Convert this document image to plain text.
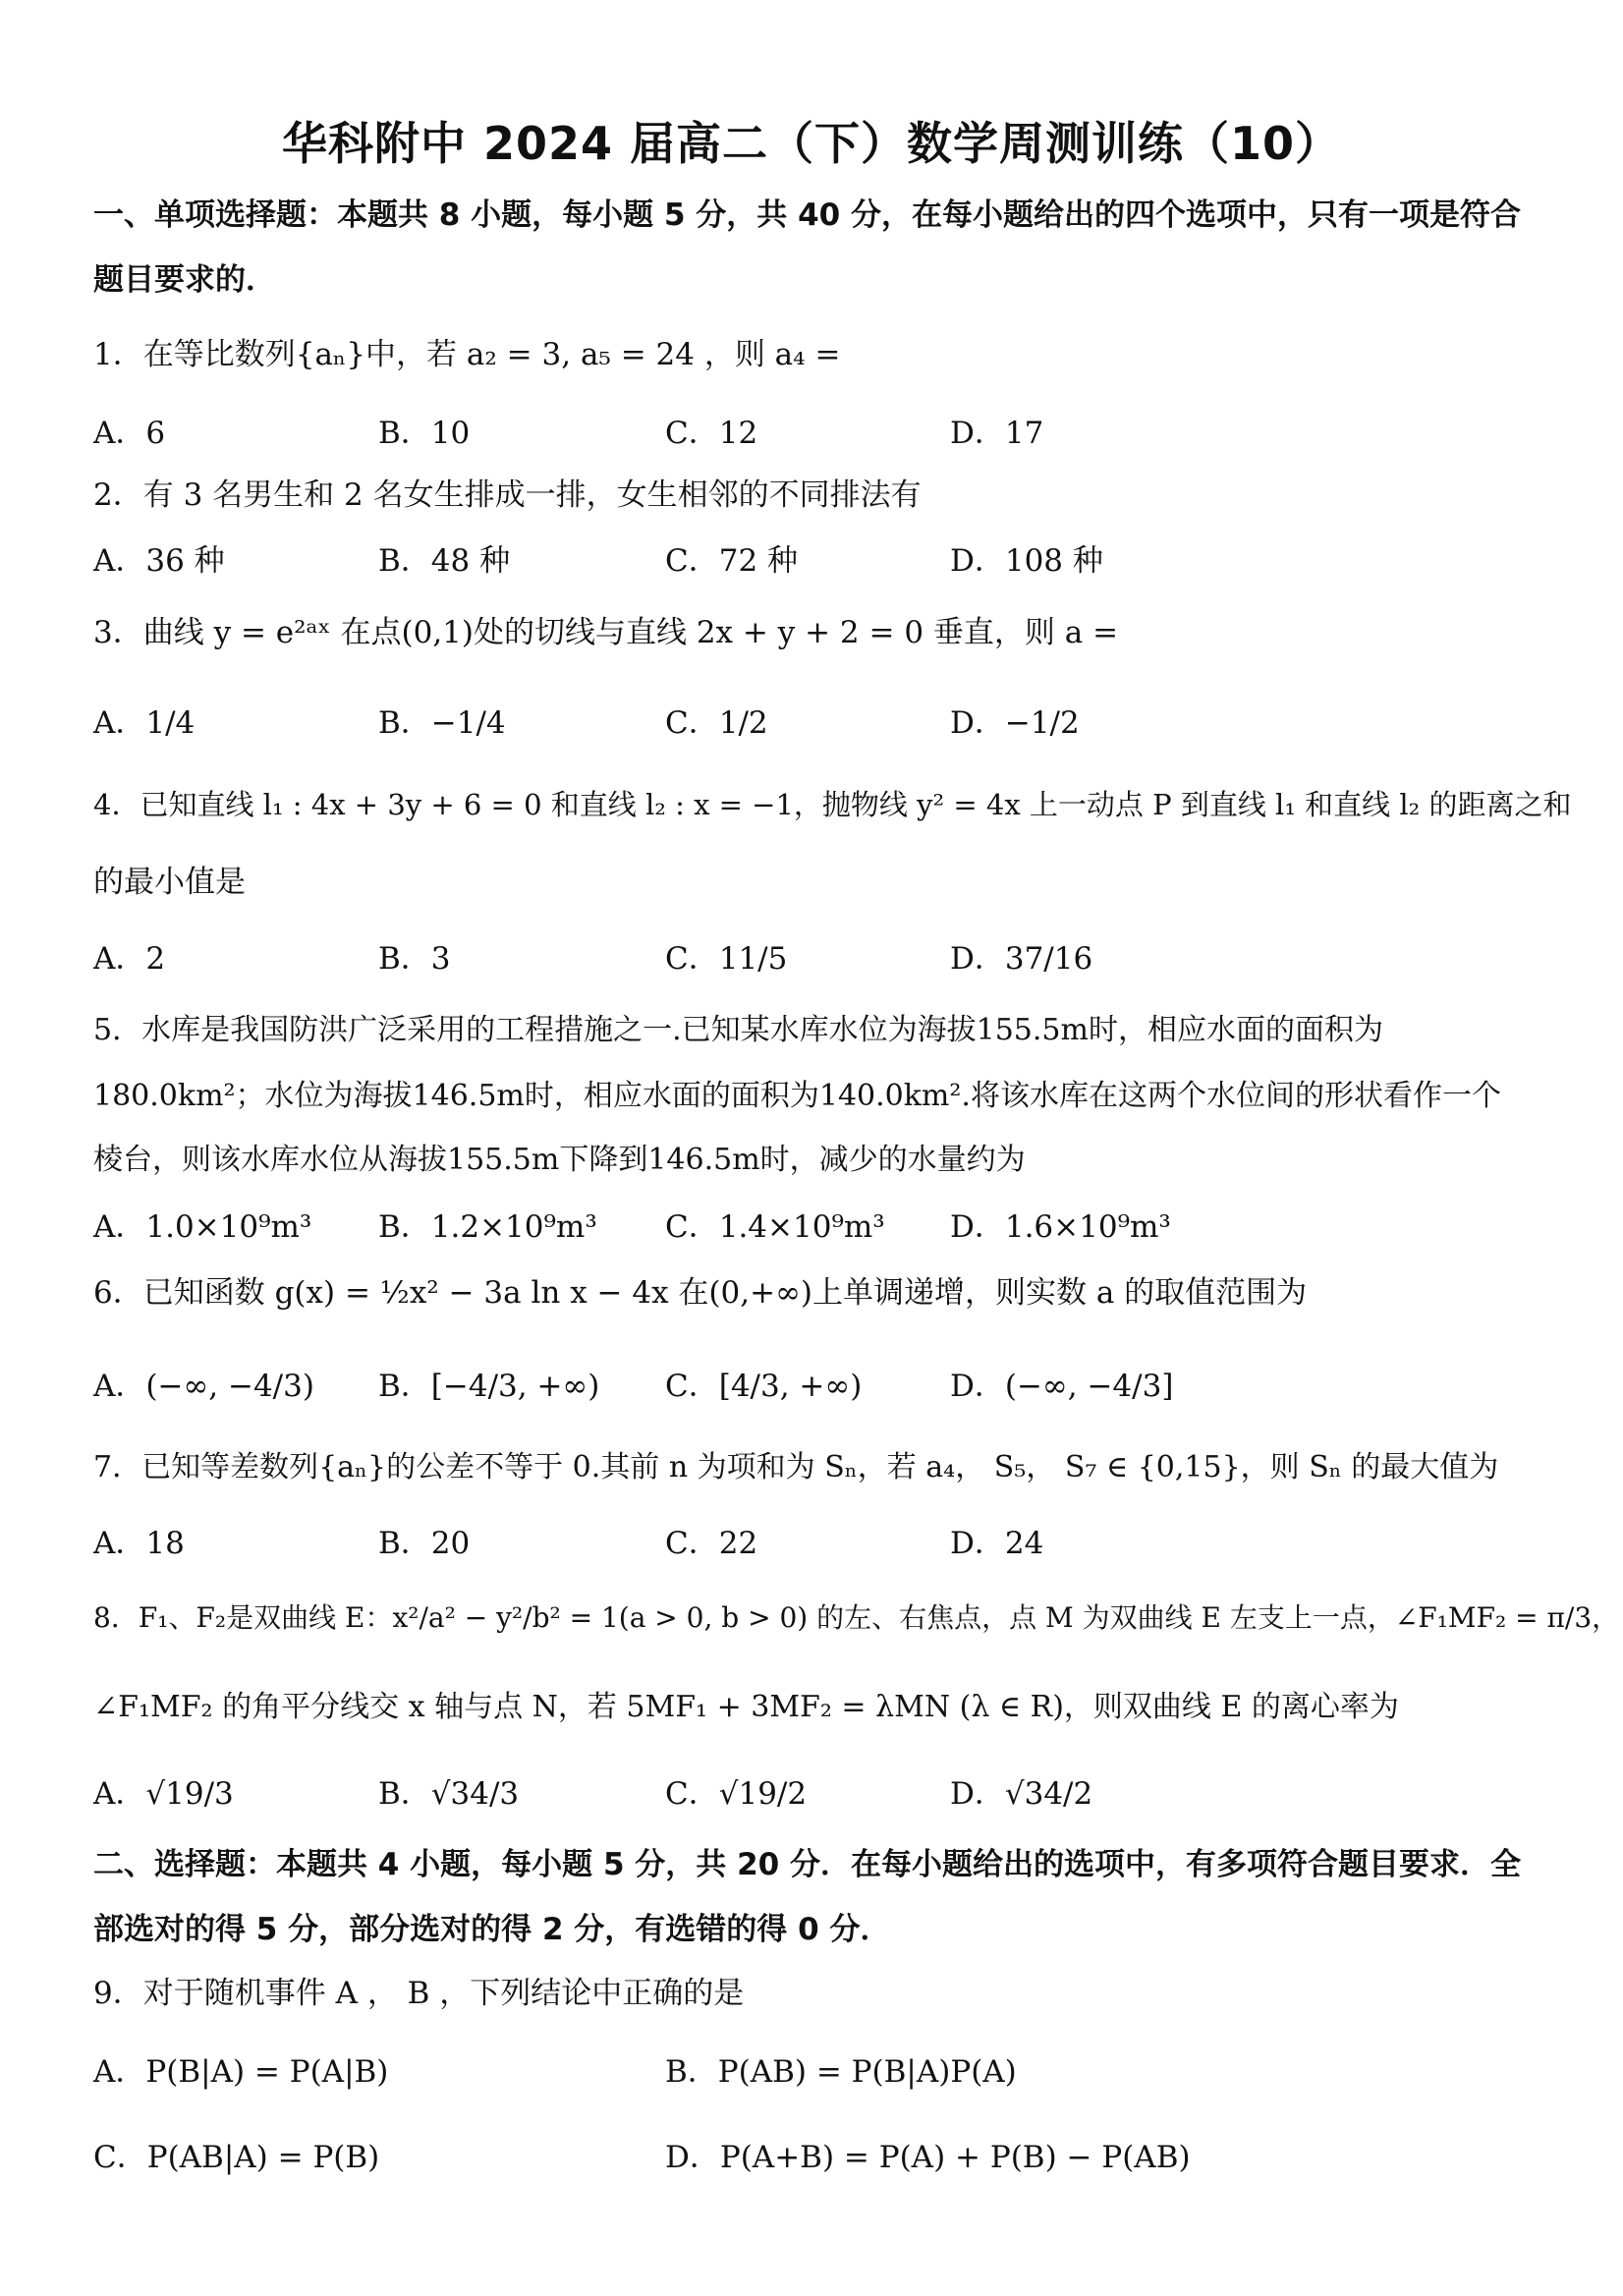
华科附中 2024 届高二（下）数学周测训练（10）
一、单项选择题：本题共 8 小题，每小题 5 分，共 40 分，在每小题给出的四个选项中，只有一项是符合题目要求的．
1．在等比数列{aₙ}中，若 a₂ = 3, a₅ = 24 ，则 a₄ =
A．6	B．10	C．12	D．17
2．有 3 名男生和 2 名女生排成一排，女生相邻的不同排法有
A．36 种	B．48 种	C．72 种	D．108 种
3．曲线 y = e²ᵃˣ 在点(0,1)处的切线与直线 2x + y + 2 = 0 垂直，则 a =
A．1/4	B．−1/4	C．1/2	D．−1/2
4．已知直线 l₁ : 4x + 3y + 6 = 0 和直线 l₂ : x = −1，抛物线 y² = 4x 上一动点 P 到直线 l₁ 和直线 l₂ 的距离之和
的最小值是
A．2	B．3	C．11/5	D．37/16
5．水库是我国防洪广泛采用的工程措施之一.已知某水库水位为海拔155.5m时，相应水面的面积为
180.0km²；水位为海拔146.5m时，相应水面的面积为140.0km².将该水库在这两个水位间的形状看作一个
棱台，则该水库水位从海拔155.5m下降到146.5m时，减少的水量约为
A．1.0×10⁹m³ B．1.2×10⁹m³ C．1.4×10⁹m³ D．1.6×10⁹m³
6．已知函数 g(x) = ½x² − 3a ln x − 4x 在(0,+∞)上单调递增，则实数 a 的取值范围为
A．(−∞, −4/3) B．[−4/3, +∞) C．[4/3, +∞)	D．(−∞, −4/3]
7．已知等差数列{aₙ}的公差不等于 0.其前 n 为项和为 Sₙ，若 a₄， S₅， S₇ ∈ {0,15}，则 Sₙ 的最大值为
A．18	B．20	C．22	D．24
8．F₁、F₂是双曲线 E：x²/a² − y²/b² = 1(a > 0, b > 0) 的左、右焦点，点 M 为双曲线 E 左支上一点，∠F₁MF₂ = π/3，
∠F₁MF₂ 的角平分线交 x 轴与点 N，若 5MF₁ + 3MF₂ = λMN (λ ∈ R)，则双曲线 E 的离心率为
A．√19/3	B．√34/3	C．√19/2	D．√34/2
二、选择题：本题共 4 小题，每小题 5 分，共 20 分．在每小题给出的选项中，有多项符合题目要求．全部选对的得 5 分，部分选对的得 2 分，有选错的得 0 分．
9．对于随机事件 A ， B ，下列结论中正确的是
A．P(B|A) = P(A|B)	B．P(AB) = P(B|A)P(A)
C．P(AB|A) = P(B)	D．P(A+B) = P(A) + P(B) − P(AB)
